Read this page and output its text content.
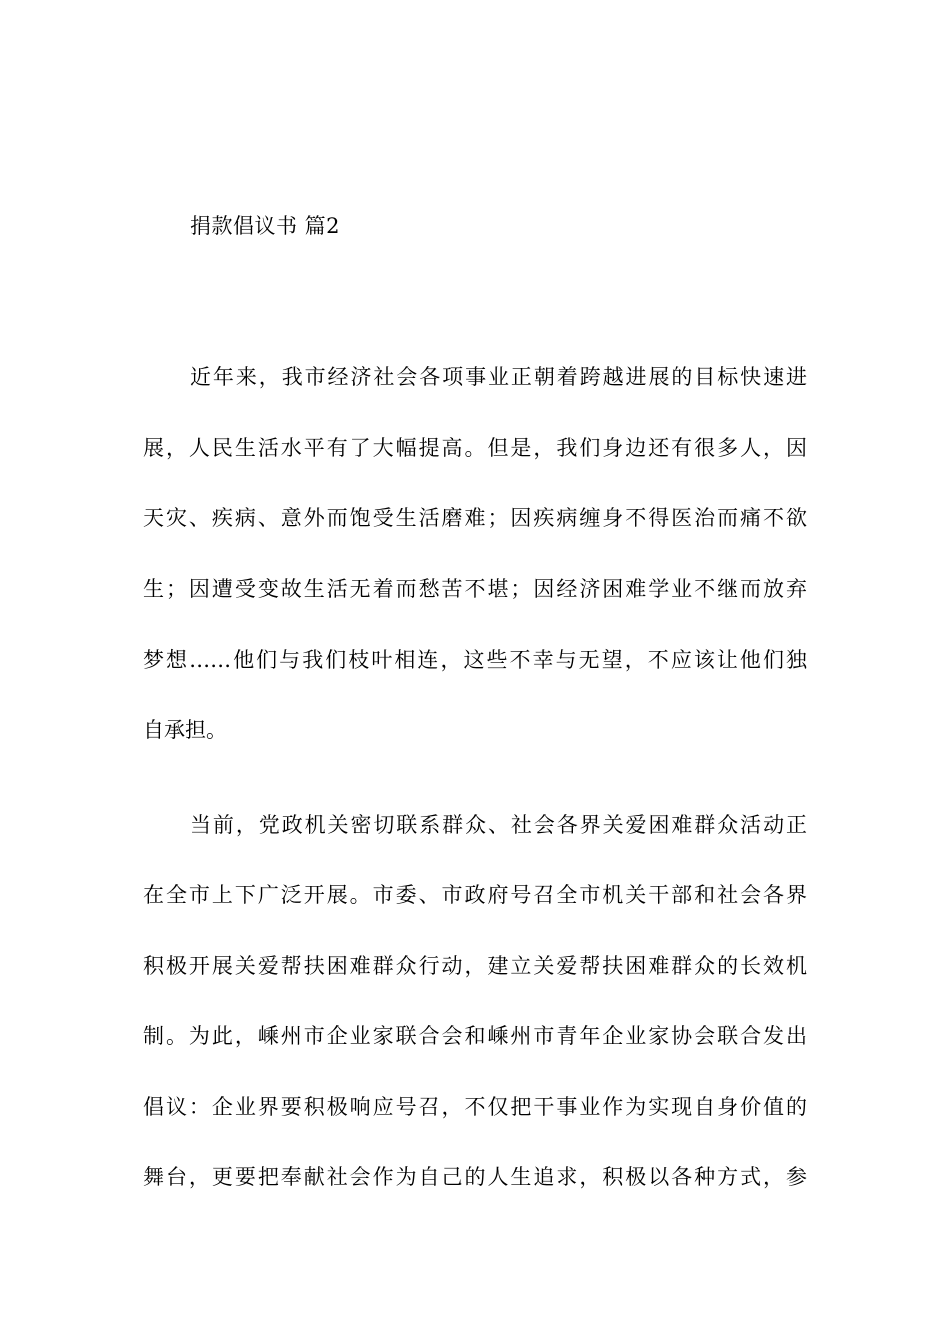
捐款倡议书 篇2
近年来，我市经济社会各项事业正朝着跨越进展的目标快速进
展，人民生活水平有了大幅提高。但是，我们身边还有很多人，因
天灾、疾病、意外而饱受生活磨难；因疾病缠身不得医治而痛不欲
生；因遭受变故生活无着而愁苦不堪；因经济困难学业不继而放弃
梦想……他们与我们枝叶相连，这些不幸与无望，不应该让他们独
自承担。
当前，党政机关密切联系群众、社会各界关爱困难群众活动正
在全市上下广泛开展。市委、市政府号召全市机关干部和社会各界
积极开展关爱帮扶困难群众行动，建立关爱帮扶困难群众的长效机
制。为此，嵊州市企业家联合会和嵊州市青年企业家协会联合发出
倡议：企业界要积极响应号召，不仅把干事业作为实现自身价值的
舞台，更要把奉献社会作为自己的人生追求，积极以各种方式，参
